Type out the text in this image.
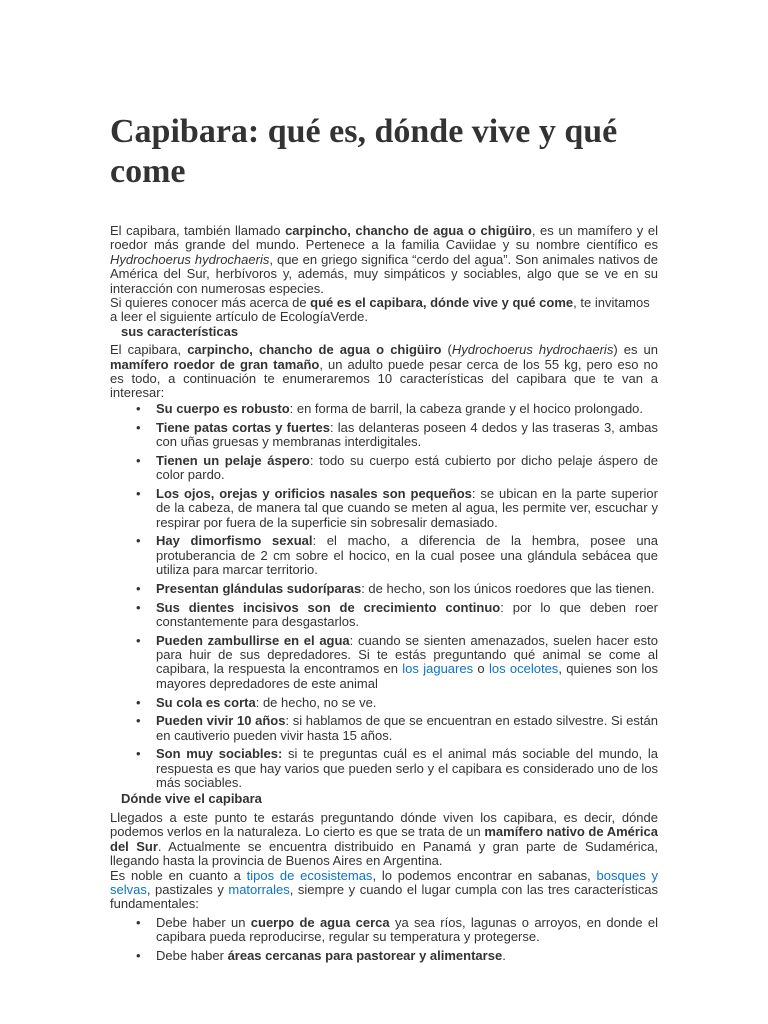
Capibara: qué es, dónde vive y qué come

El capibara, también llamado carpincho, chancho de agua o chigüiro, es un mamífero y el roedor más grande del mundo. Pertenece a la familia Caviidae y su nombre científico es Hydrochoerus hydrochaeris, que en griego significa “cerdo del agua”. Son animales nativos de América del Sur, herbívoros y, además, muy simpáticos y sociables, algo que se ve en su interacción con numerosas especies.

Si quieres conocer más acerca de qué es el capibara, dónde vive y qué come, te invitamos a leer el siguiente artículo de EcologíaVerde.

sus características

El capibara, carpincho, chancho de agua o chigüiro (Hydrochoerus hydrochaeris) es un mamífero roedor de gran tamaño, un adulto puede pesar cerca de los 55 kg, pero eso no es todo, a continuación te enumeraremos 10 características del capibara que te van a interesar:

• Su cuerpo es robusto: en forma de barril, la cabeza grande y el hocico prolongado.
• Tiene patas cortas y fuertes: las delanteras poseen 4 dedos y las traseras 3, ambas con uñas gruesas y membranas interdigitales.
• Tienen un pelaje áspero: todo su cuerpo está cubierto por dicho pelaje áspero de color pardo.
• Los ojos, orejas y orificios nasales son pequeños: se ubican en la parte superior de la cabeza, de manera tal que cuando se meten al agua, les permite ver, escuchar y respirar por fuera de la superficie sin sobresalir demasiado.
• Hay dimorfismo sexual: el macho, a diferencia de la hembra, posee una protuberancia de 2 cm sobre el hocico, en la cual posee una glándula sebácea que utiliza para marcar territorio.
• Presentan glándulas sudoríparas: de hecho, son los únicos roedores que las tienen.
• Sus dientes incisivos son de crecimiento continuo: por lo que deben roer constantemente para desgastarlos.
• Pueden zambullirse en el agua: cuando se sienten amenazados, suelen hacer esto para huir de sus depredadores. Si te estás preguntando qué animal se come al capibara, la respuesta la encontramos en los jaguares o los ocelotes, quienes son los mayores depredadores de este animal
• Su cola es corta: de hecho, no se ve.
• Pueden vivir 10 años: si hablamos de que se encuentran en estado silvestre. Si están en cautiverio pueden vivir hasta 15 años.
• Son muy sociables: si te preguntas cuál es el animal más sociable del mundo, la respuesta es que hay varios que pueden serlo y el capibara es considerado uno de los más sociables.
Dónde vive el capibara

Llegados a este punto te estarás preguntando dónde viven los capibara, es decir, dónde podemos verlos en la naturaleza. Lo cierto es que se trata de un mamífero nativo de América del Sur. Actualmente se encuentra distribuido en Panamá y gran parte de Sudamérica, llegando hasta la provincia de Buenos Aires en Argentina.

Es noble en cuanto a tipos de ecosistemas, lo podemos encontrar en sabanas, bosques y selvas, pastizales y matorrales, siempre y cuando el lugar cumpla con las tres características fundamentales:

• Debe haber un cuerpo de agua cerca ya sea ríos, lagunas o arroyos, en donde el capibara pueda reproducirse, regular su temperatura y protegerse.
• Debe haber áreas cercanas para pastorear y alimentarse.
